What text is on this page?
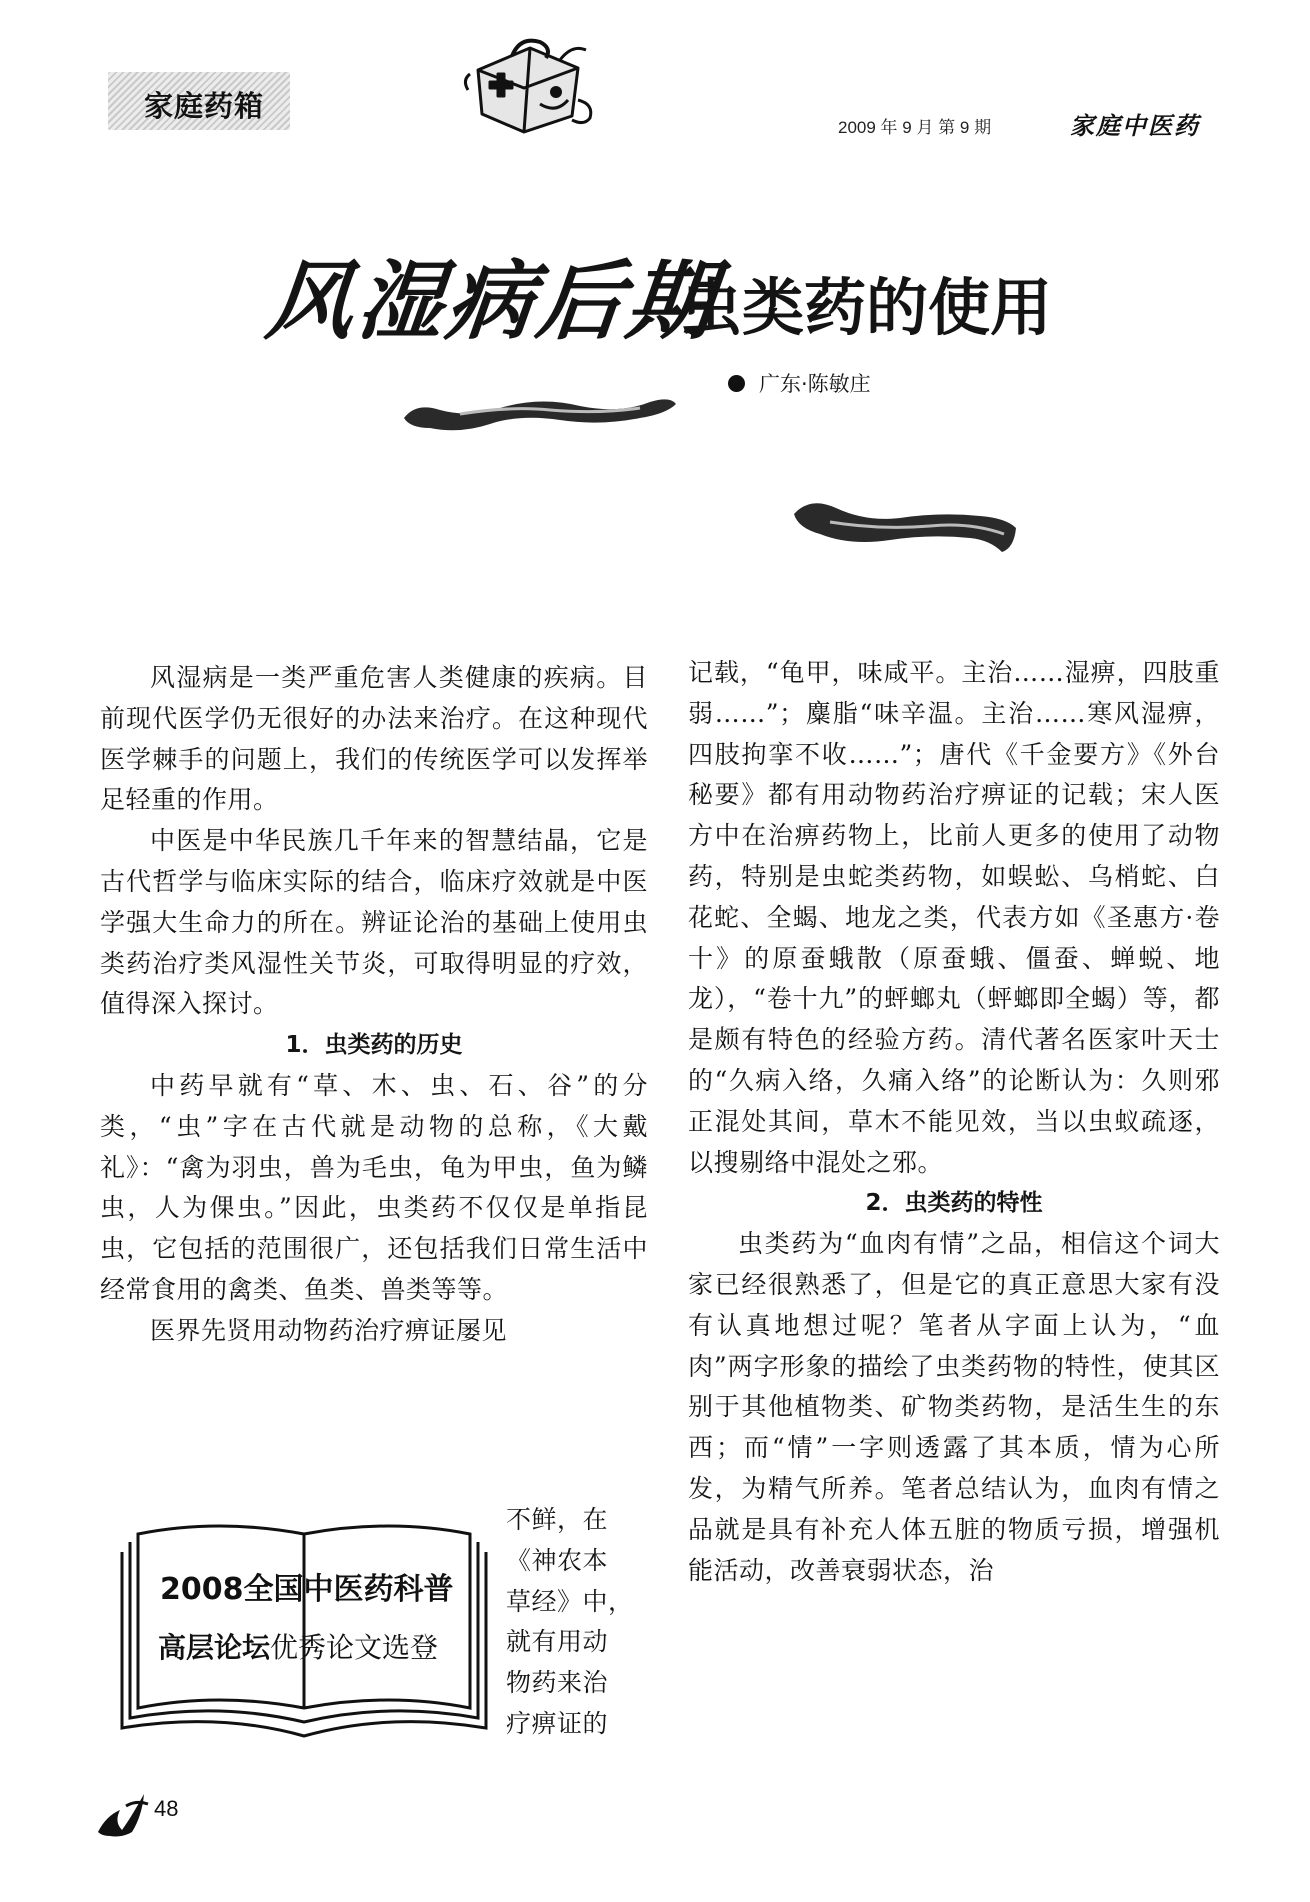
家庭药箱
2009 年 9 月 第 9 期	家庭中医药
风湿病后期
虫类药的使用
广东·陈敏庄

风湿病是一类严重危害人类健康的疾病。目前现代医学仍无很好的办法来治疗。在这种现代医学棘手的问题上，我们的传统医学可以发挥举足轻重的作用。

中医是中华民族几千年来的智慧结晶，它是古代哲学与临床实际的结合，临床疗效就是中医学强大生命力的所在。辨证论治的基础上使用虫类药治疗类风湿性关节炎，可取得明显的疗效，值得深入探讨。

1．虫类药的历史

中药早就有“草、木、虫、石、谷”的分类，“虫”字在古代就是动物的总称，《大戴礼》：“禽为羽虫，兽为毛虫，龟为甲虫，鱼为鳞虫，人为倮虫。”因此，虫类药不仅仅是单指昆虫，它包括的范围很广，还包括我们日常生活中经常食用的禽类、鱼类、兽类等等。

医界先贤用动物药治疗痹证屡见

不鲜，在

《神农本

草经》中，

就有用动

物药来治

疗痹证的

2008全国中医药科普
高层论坛优秀论文选登

记载，“龟甲，味咸平。主治……湿痹，四肢重弱……”；麋脂“味辛温。主治……寒风湿痹，四肢拘挛不收……”；唐代《千金要方》《外台秘要》都有用动物药治疗痹证的记载；宋人医方中在治痹药物上，比前人更多的使用了动物药，特别是虫蛇类药物，如蜈蚣、乌梢蛇、白花蛇、全蝎、地龙之类，代表方如《圣惠方·卷十》的原蚕蛾散（原蚕蛾、僵蚕、蝉蜕、地龙），“卷十九”的蚲螂丸（蚲螂即全蝎）等，都是颇有特色的经验方药。清代著名医家叶天士的“久病入络，久痛入络”的论断认为：久则邪正混处其间，草木不能见效，当以虫蚁疏逐，以搜剔络中混处之邪。

2．虫类药的特性

虫类药为“血肉有情”之品，相信这个词大家已经很熟悉了，但是它的真正意思大家有没有认真地想过呢？笔者从字面上认为，“血肉”两字形象的描绘了虫类药物的特性，使其区别于其他植物类、矿物类药物，是活生生的东西；而“情”一字则透露了其本质，情为心所发，为精气所养。笔者总结认为，血肉有情之品就是具有补充人体五脏的物质亏损，增强机能活动，改善衰弱状态，治

48
